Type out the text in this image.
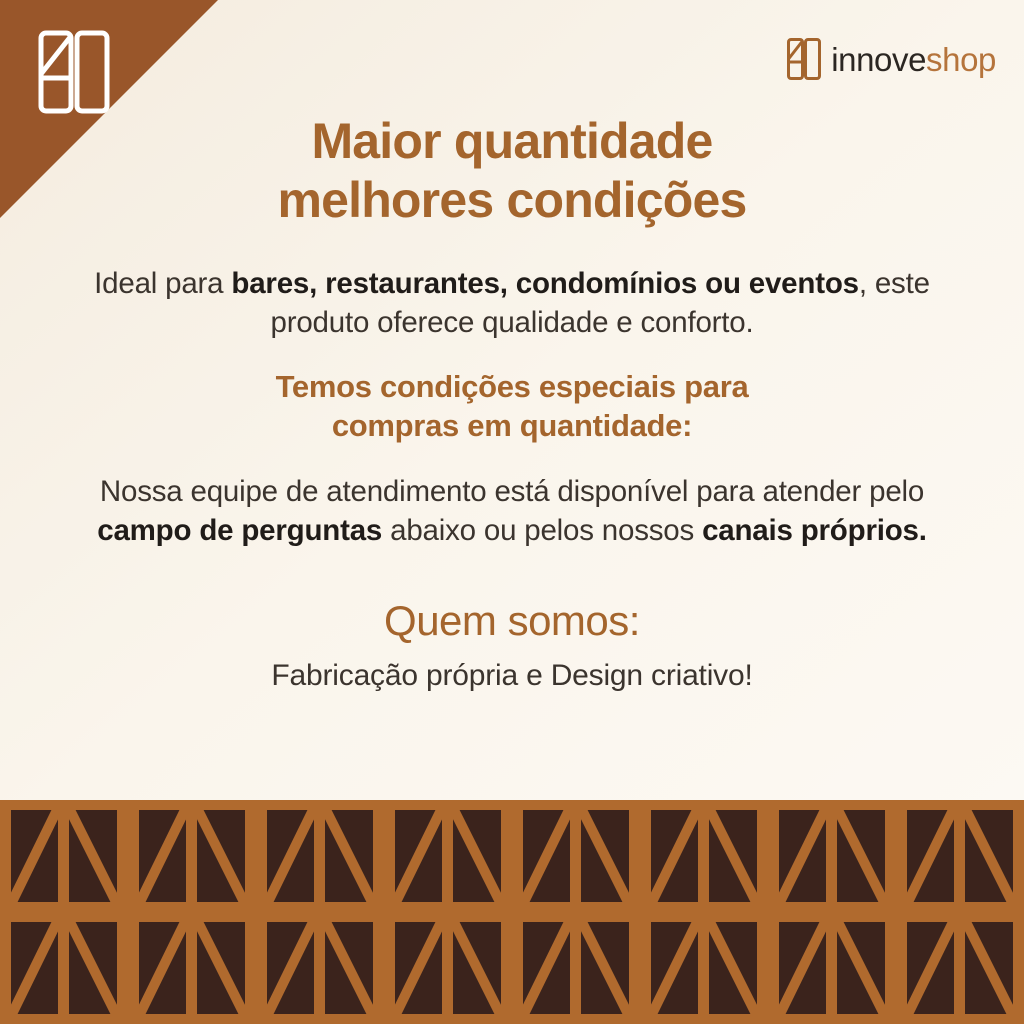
innoveshop
Maior quantidade
melhores condições

Ideal para bares, restaurantes, condomínios ou eventos, este produto oferece qualidade e conforto.

Temos condições especiais para
compras em quantidade:

Nossa equipe de atendimento está disponível para atender pelo campo de perguntas abaixo ou pelos nossos canais próprios.

Quem somos:

Fabricação própria e Design criativo!
